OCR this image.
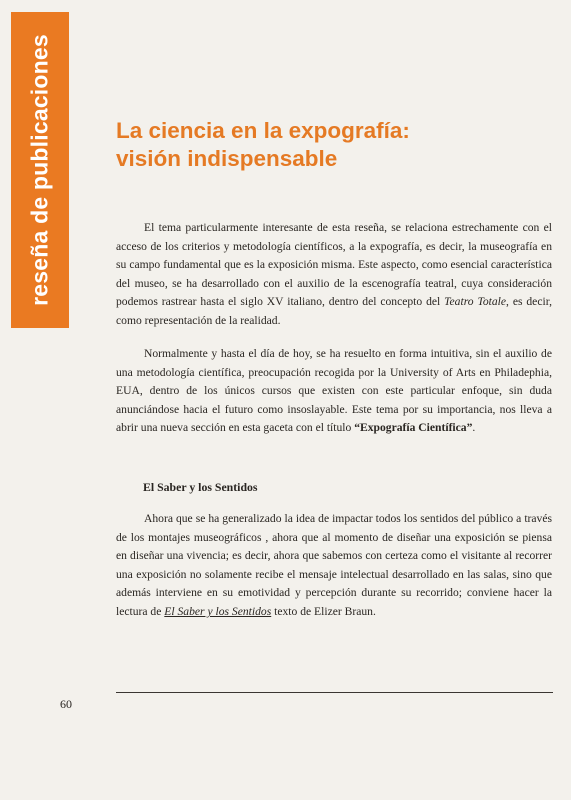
reseña de publicaciones	La ciencia en la expografía:
visión indispensable

El tema particularmente interesante de esta reseña, se relaciona estrechamente con el acceso de los criterios y metodología científicos, a la expografía, es decir, la museografía en su campo fundamental que es la exposición misma. Este aspecto, como esencial característica del museo, se ha desarrollado con el auxilio de la escenografía teatral, cuya consideración podemos rastrear hasta el siglo XV italiano, dentro del concepto del Teatro Totale, es decir, como representación de la realidad.

Normalmente y hasta el día de hoy, se ha resuelto en forma intuitiva, sin el auxilio de una metodología científica, preocupación recogida por la University of Arts en Philadephia, EUA, dentro de los únicos cursos que existen con este particular enfoque, sin duda anunciándose hacia el futuro como insoslayable. Este tema por su importancia, nos lleva a abrir una nueva sección en esta gaceta con el título “Expografía Científica”.

El Saber y los Sentidos

Ahora que se ha generalizado la idea de impactar todos los sentidos del público a través de los montajes museográficos , ahora que al momento de diseñar una exposición se piensa en diseñar una vivencia; es decir, ahora que sabemos con certeza como el visitante al recorrer una exposición no solamente recibe el mensaje intelectual desarrollado en las salas, sino que además interviene en su emotividad y percepción durante su recorrido; conviene hacer la lectura de El Saber y los Sentidos texto de Elizer Braun.

60
